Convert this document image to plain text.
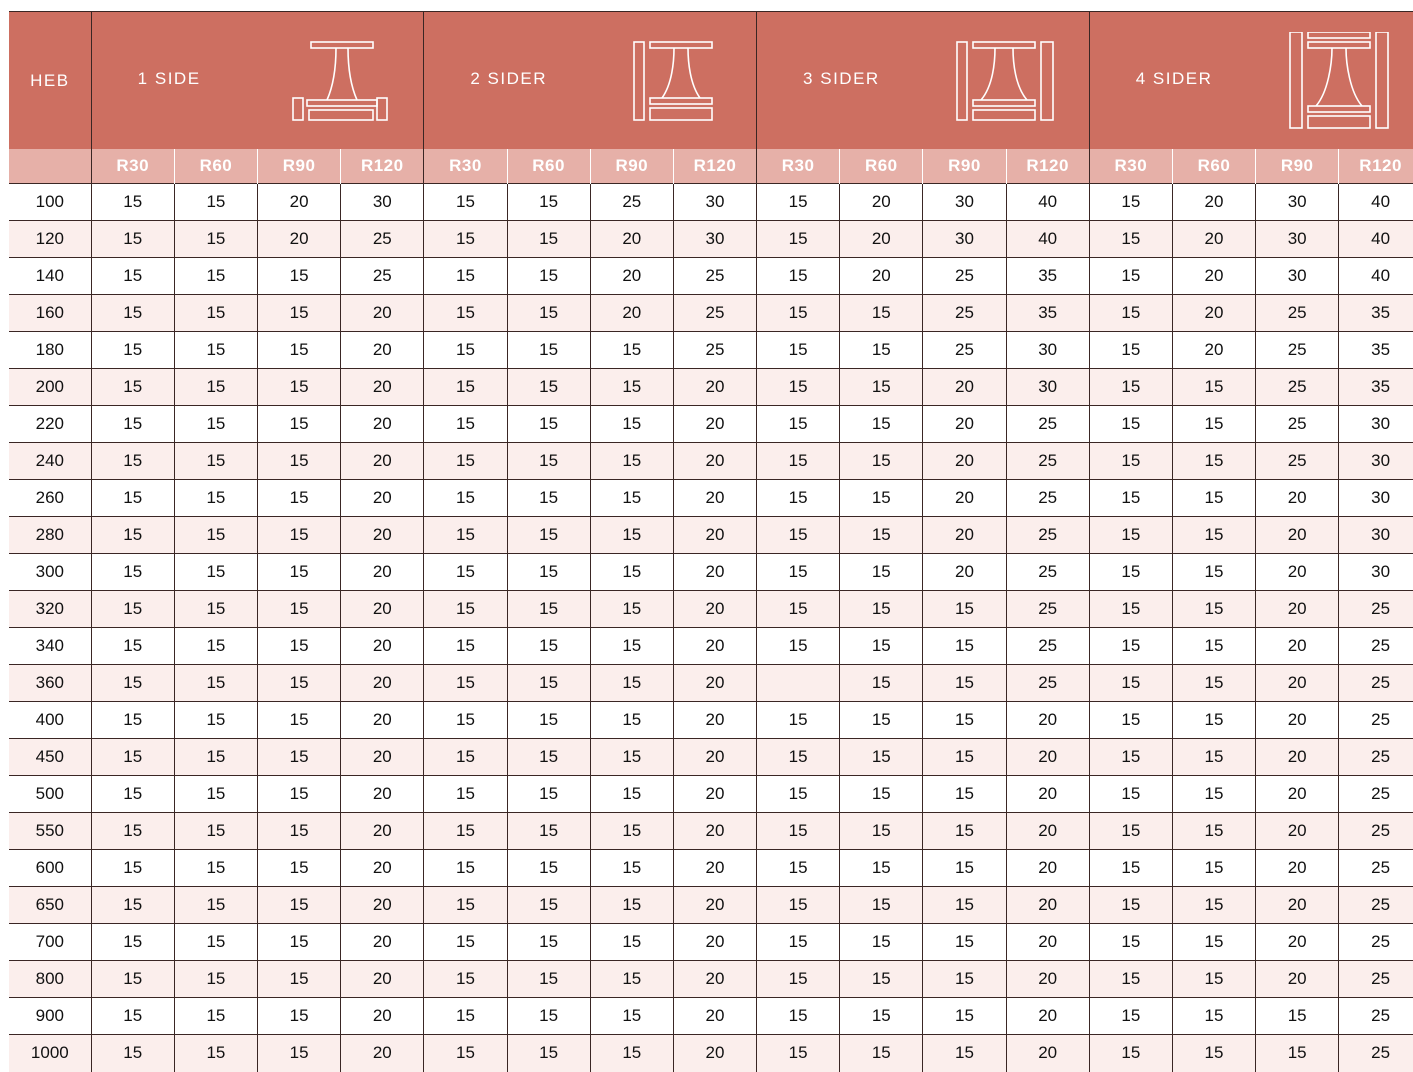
HEB	1 SIDE				2 SIDER				3 SIDER				4 SIDER			

	R30	R60	R90	R120	R30	R60	R90	R120	R30	R60	R90	R120	R30	R60	R90	R120
100	15	15	20	30	15	15	25	30	15	20	30	40	15	20	30	40
120	15	15	20	25	15	15	20	30	15	20	30	40	15	20	30	40
140	15	15	15	25	15	15	20	25	15	20	25	35	15	20	30	40
160	15	15	15	20	15	15	20	25	15	15	25	35	15	20	25	35
180	15	15	15	20	15	15	15	25	15	15	25	30	15	20	25	35
200	15	15	15	20	15	15	15	20	15	15	20	30	15	15	25	35
220	15	15	15	20	15	15	15	20	15	15	20	25	15	15	25	30
240	15	15	15	20	15	15	15	20	15	15	20	25	15	15	25	30
260	15	15	15	20	15	15	15	20	15	15	20	25	15	15	20	30
280	15	15	15	20	15	15	15	20	15	15	20	25	15	15	20	30
300	15	15	15	20	15	15	15	20	15	15	20	25	15	15	20	30
320	15	15	15	20	15	15	15	20	15	15	15	25	15	15	20	25
340	15	15	15	20	15	15	15	20	15	15	15	25	15	15	20	25
360	15	15	15	20	15	15	15	20		15	15	25	15	15	20	25
400	15	15	15	20	15	15	15	20	15	15	15	20	15	15	20	25
450	15	15	15	20	15	15	15	20	15	15	15	20	15	15	20	25
500	15	15	15	20	15	15	15	20	15	15	15	20	15	15	20	25
550	15	15	15	20	15	15	15	20	15	15	15	20	15	15	20	25
600	15	15	15	20	15	15	15	20	15	15	15	20	15	15	20	25
650	15	15	15	20	15	15	15	20	15	15	15	20	15	15	20	25
700	15	15	15	20	15	15	15	20	15	15	15	20	15	15	20	25
800	15	15	15	20	15	15	15	20	15	15	15	20	15	15	20	25
900	15	15	15	20	15	15	15	20	15	15	15	20	15	15	15	25
1000	15	15	15	20	15	15	15	20	15	15	15	20	15	15	15	25
